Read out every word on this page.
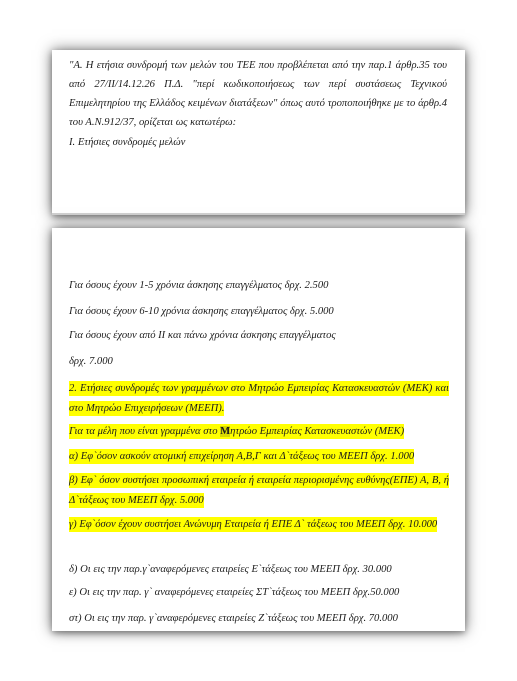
"Α. Η ετήσια συνδρομή των μελών του ΤΕΕ που προβλέπεται από την παρ.1 άρθρ.35 του από 27/ΙΙ/14.12.26 Π.Δ. "περί κωδικοποιήσεως των περί συστάσεως Τεχνικού Επιμελητηρίου της Ελλάδος κειμένων διατάξεων" όπως αυτό τροποποιήθηκε με το άρθρ.4 του Α.Ν.912/37, ορίζεται ως κατωτέρω:
Ι. Ετήσιες συνδρομές μελών
Για όσους έχουν 1-5 χρόνια άσκησης επαγγέλματος δρχ. 2.500
Για όσους έχουν 6-10 χρόνια άσκησης επαγγέλματος δρχ. 5.000
Για όσους έχουν από ΙΙ και πάνω χρόνια άσκησης επαγγέλματος
δρχ. 7.000
2. Ετήσιες συνδρομές των γραμμένων στο Μητρώο Εμπειρίας Κατασκευαστών (ΜΕΚ) και στο Μητρώο Επιχειρήσεων (ΜΕΕΠ).
Για τα μέλη που είναι γραμμένα στο Μητρώο Εμπειρίας Κατασκευαστών (ΜΕΚ)
α) Εφ`όσον ασκούν ατομική επιχείρηση Α,Β,Γ και Δ`τάξεως του ΜΕΕΠ δρχ. 1.000
β) Εφ` όσον συστήσει προσωπική εταιρεία ή εταιρεία περιορισμένης ευθύνης(ΕΠΕ) Α, Β, ή Δ`τάξεως του ΜΕΕΠ δρχ. 5.000
γ) Εφ`όσον έχουν συστήσει Ανώνυμη Εταιρεία ή ΕΠΕ Δ` τάξεως του ΜΕΕΠ δρχ. 10.000
δ) Οι εις την παρ.γ`αναφερόμενες εταιρείες Ε`τάξεως του ΜΕΕΠ δρχ. 30.000
ε) Οι εις την παρ. γ` αναφερόμενες εταιρείες ΣΤ`τάξεως του ΜΕΕΠ δρχ.50.000
στ) Οι εις την παρ. γ`αναφερόμενες εταιρείες Ζ`τάξεως του ΜΕΕΠ δρχ. 70.000
